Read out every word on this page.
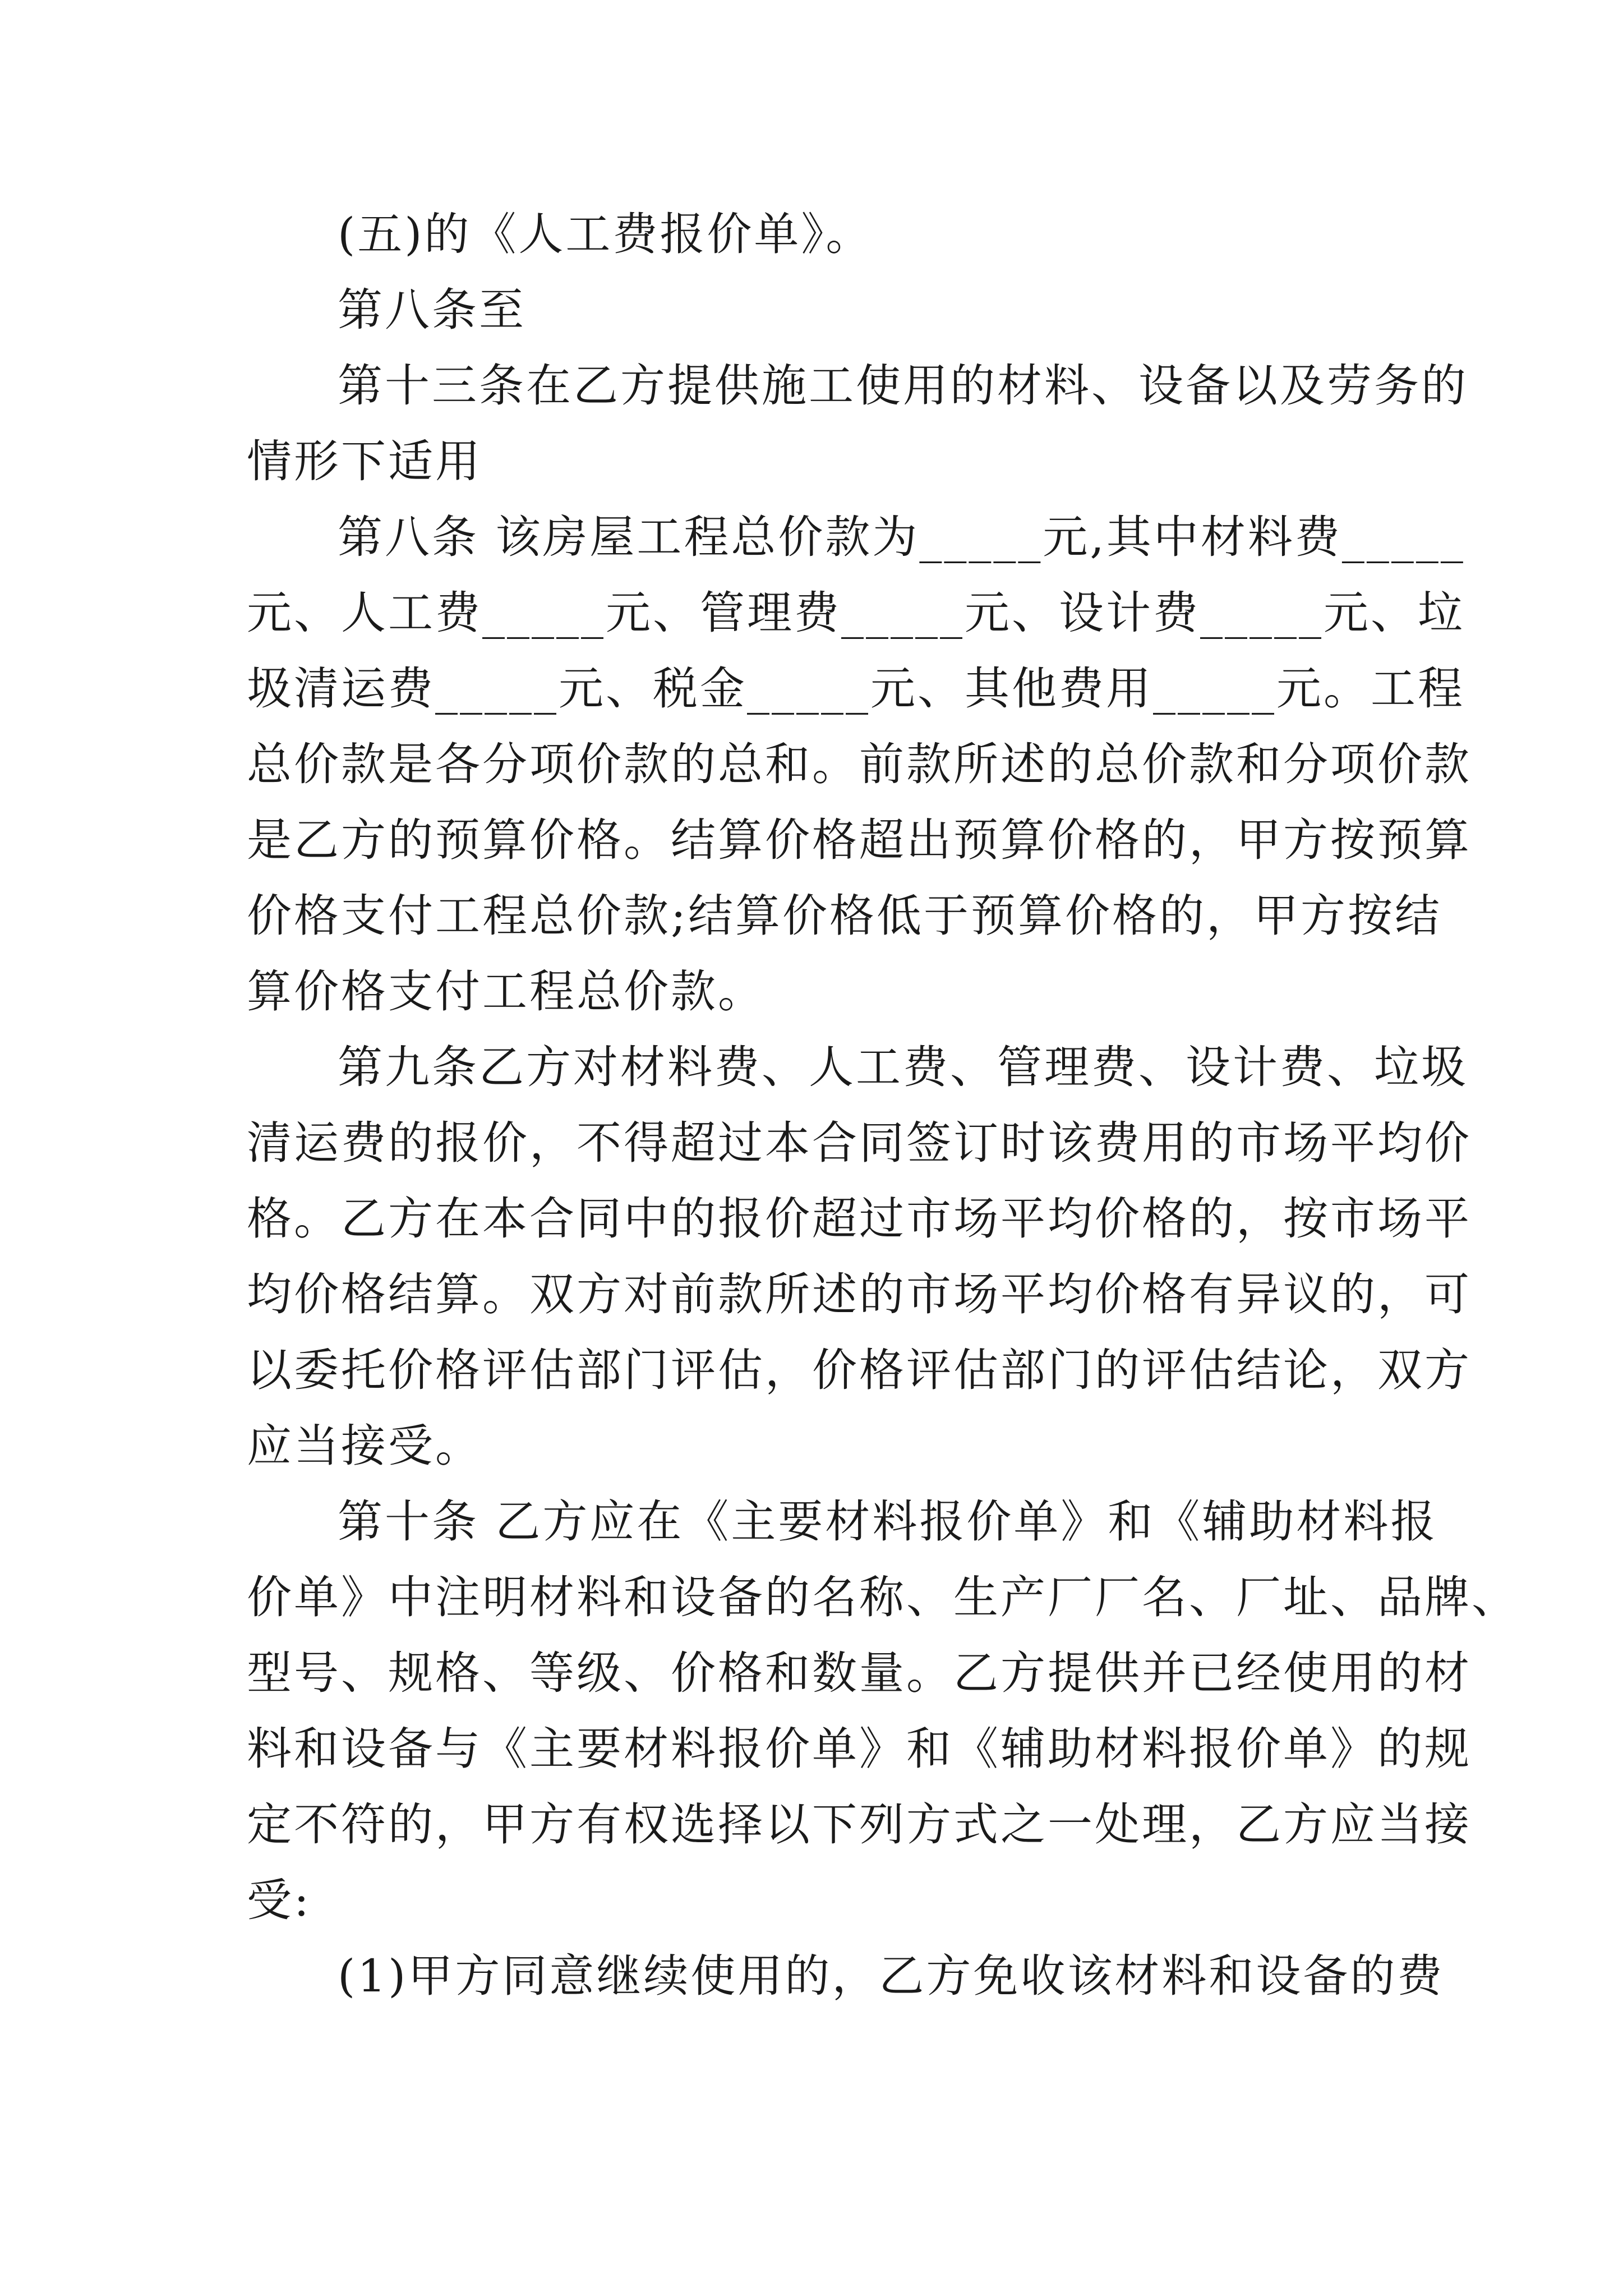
(五)的《人工费报价单》。

第八条至

第十三条在乙方提供施工使用的材料、设备以及劳务的

情形下适用

第八条 该房屋工程总价款为_____元,其中材料费_____

元、人工费_____元、管理费_____元、设计费_____元、垃

圾清运费_____元、税金_____元、其他费用_____元。工程

总价款是各分项价款的总和。前款所述的总价款和分项价款

是乙方的预算价格。结算价格超出预算价格的，甲方按预算

价格支付工程总价款;结算价格低于预算价格的，甲方按结

算价格支付工程总价款。

第九条乙方对材料费、人工费、管理费、设计费、垃圾

清运费的报价，不得超过本合同签订时该费用的市场平均价

格。乙方在本合同中的报价超过市场平均价格的，按市场平

均价格结算。双方对前款所述的市场平均价格有异议的，可

以委托价格评估部门评估，价格评估部门的评估结论，双方

应当接受。

第十条 乙方应在《主要材料报价单》和《辅助材料报

价单》中注明材料和设备的名称、生产厂厂名、厂址、品牌、

型号、规格、等级、价格和数量。乙方提供并已经使用的材

料和设备与《主要材料报价单》和《辅助材料报价单》的规

定不符的，甲方有权选择以下列方式之一处理，乙方应当接

受:

(1)甲方同意继续使用的，乙方免收该材料和设备的费
